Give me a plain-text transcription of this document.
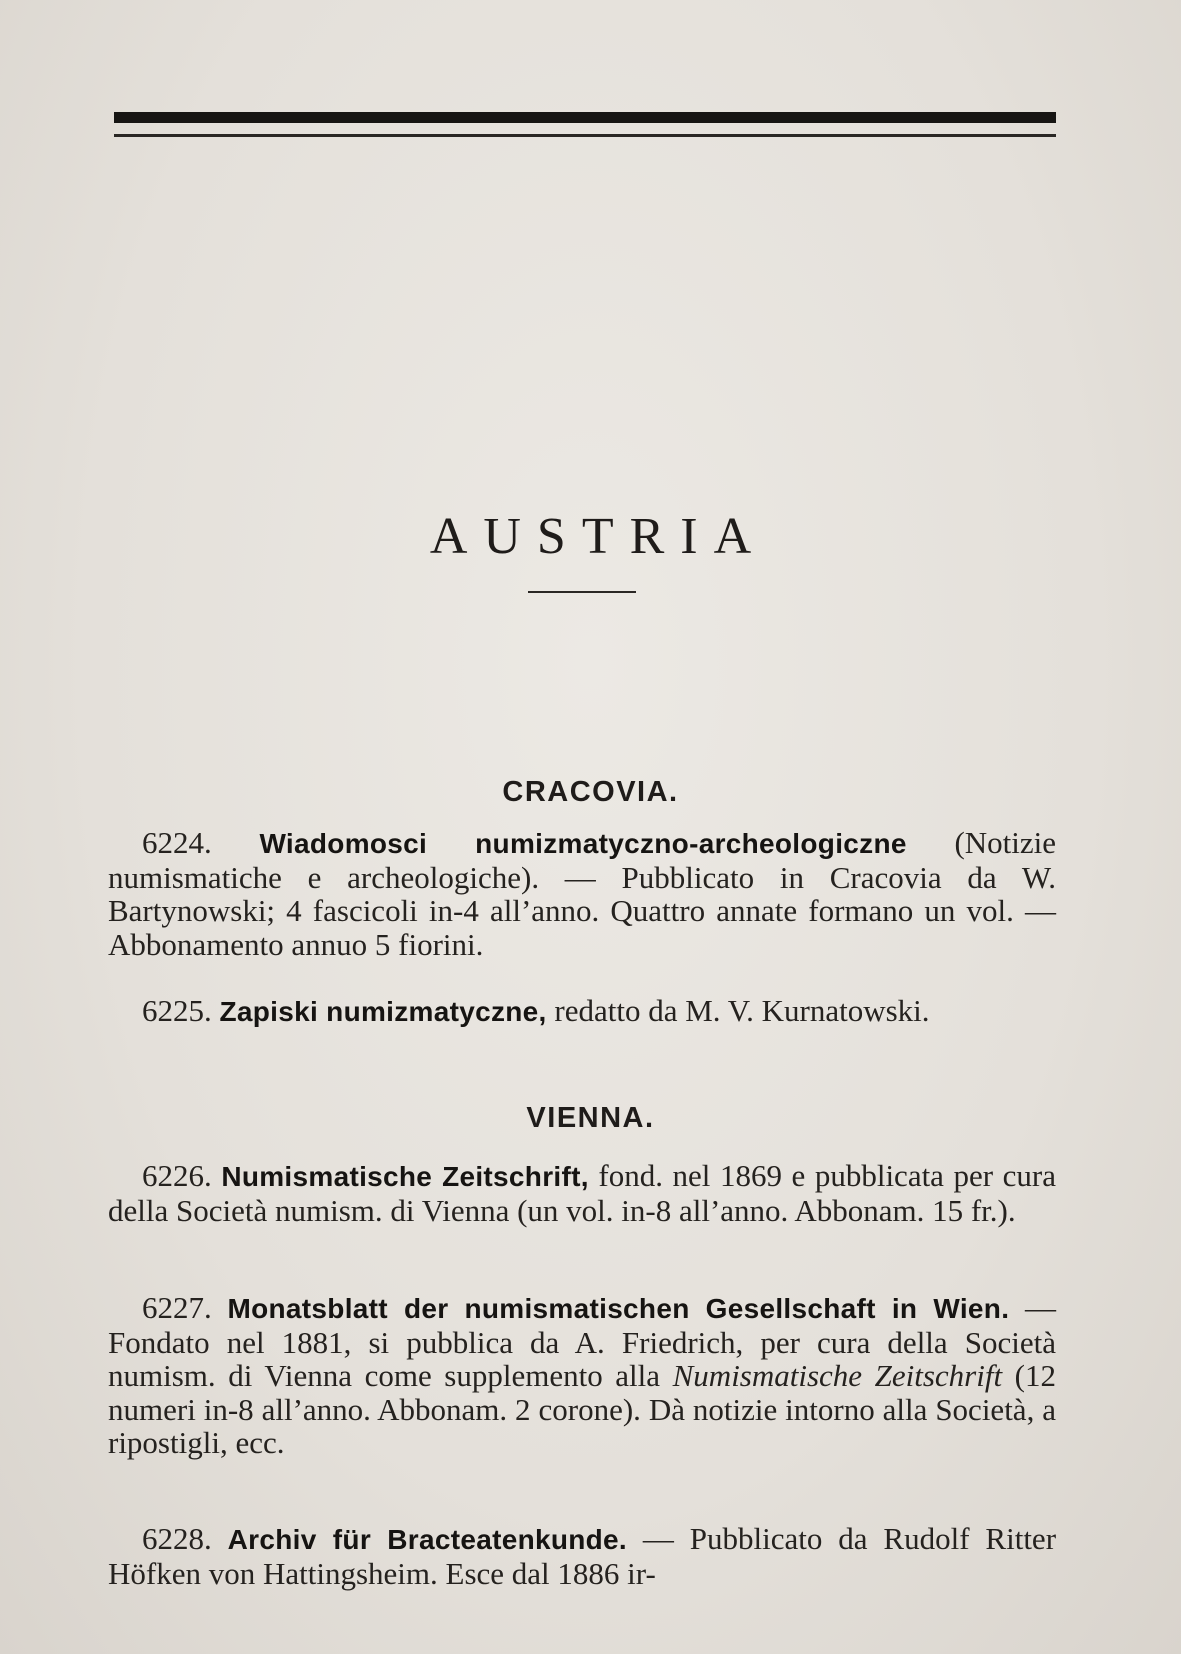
AUSTRIA
CRACOVIA.

6224. Wiadomosci numizmatyczno-archeologiczne (Notizie numismatiche e archeologiche). — Pubblicato in Cracovia da W. Bartynowski; 4 fascicoli in-4 all’anno. Quattro annate formano un vol. — Abbonamento annuo 5 fiorini.

6225. Zapiski numizmatyczne, redatto da M. V. Kurnatowski.

VIENNA.

6226. Numismatische Zeitschrift, fond. nel 1869 e pubblicata per cura della Società numism. di Vienna (un vol. in-8 all’anno. Abbonam. 15 fr.).

6227. Monatsblatt der numismatischen Gesellschaft in Wien. — Fondato nel 1881, si pubblica da A. Friedrich, per cura della Società numism. di Vienna come supplemento alla Numismatische Zeitschrift (12 numeri in-8 all’anno. Abbonam. 2 corone). Dà notizie intorno alla Società, a ripostigli, ecc.

6228. Archiv für Bracteatenkunde. — Pubblicato da Rudolf Ritter Höfken von Hattingsheim. Esce dal 1886 ir-
